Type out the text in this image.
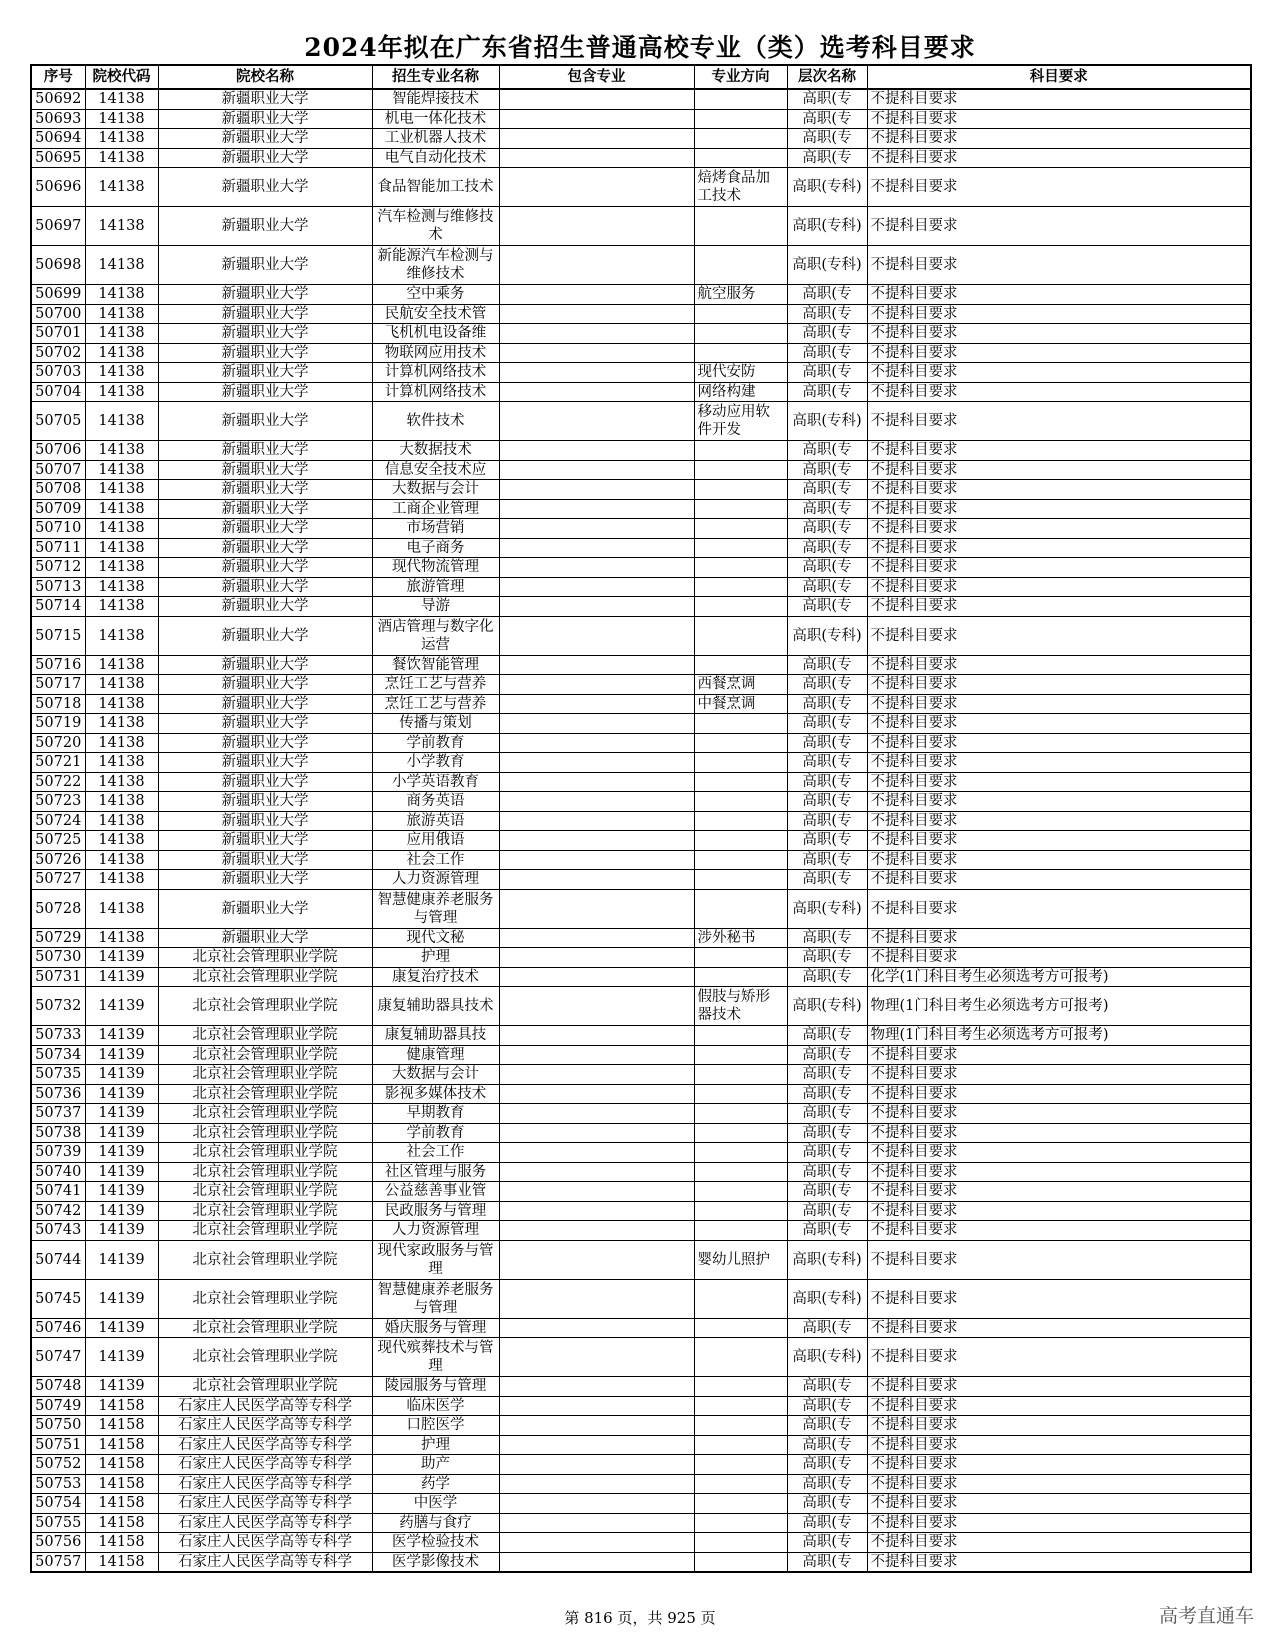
2024年拟在广东省招生普通高校专业（类）选考科目要求
序号	院校代码	院校名称	招生专业名称	包含专业	专业方向	层次名称	科目要求
50692	14138	新疆职业大学	智能焊接技术			高职(专	不提科目要求
50693	14138	新疆职业大学	机电一体化技术			高职(专	不提科目要求
50694	14138	新疆职业大学	工业机器人技术			高职(专	不提科目要求
50695	14138	新疆职业大学	电气自动化技术			高职(专	不提科目要求
50696	14138	新疆职业大学	食品智能加工技术		焙烤食品加工技术	高职(专科)	不提科目要求
50697	14138	新疆职业大学	汽车检测与维修技术			高职(专科)	不提科目要求
50698	14138	新疆职业大学	新能源汽车检测与维修技术			高职(专科)	不提科目要求
50699	14138	新疆职业大学	空中乘务		航空服务	高职(专	不提科目要求
50700	14138	新疆职业大学	民航安全技术管			高职(专	不提科目要求
50701	14138	新疆职业大学	飞机机电设备维			高职(专	不提科目要求
50702	14138	新疆职业大学	物联网应用技术			高职(专	不提科目要求
50703	14138	新疆职业大学	计算机网络技术		现代安防	高职(专	不提科目要求
50704	14138	新疆职业大学	计算机网络技术		网络构建	高职(专	不提科目要求
50705	14138	新疆职业大学	软件技术		移动应用软件开发	高职(专科)	不提科目要求
50706	14138	新疆职业大学	大数据技术			高职(专	不提科目要求
50707	14138	新疆职业大学	信息安全技术应			高职(专	不提科目要求
50708	14138	新疆职业大学	大数据与会计			高职(专	不提科目要求
50709	14138	新疆职业大学	工商企业管理			高职(专	不提科目要求
50710	14138	新疆职业大学	市场营销			高职(专	不提科目要求
50711	14138	新疆职业大学	电子商务			高职(专	不提科目要求
50712	14138	新疆职业大学	现代物流管理			高职(专	不提科目要求
50713	14138	新疆职业大学	旅游管理			高职(专	不提科目要求
50714	14138	新疆职业大学	导游			高职(专	不提科目要求
50715	14138	新疆职业大学	酒店管理与数字化运营			高职(专科)	不提科目要求
50716	14138	新疆职业大学	餐饮智能管理			高职(专	不提科目要求
50717	14138	新疆职业大学	烹饪工艺与营养		西餐烹调	高职(专	不提科目要求
50718	14138	新疆职业大学	烹饪工艺与营养		中餐烹调	高职(专	不提科目要求
50719	14138	新疆职业大学	传播与策划			高职(专	不提科目要求
50720	14138	新疆职业大学	学前教育			高职(专	不提科目要求
50721	14138	新疆职业大学	小学教育			高职(专	不提科目要求
50722	14138	新疆职业大学	小学英语教育			高职(专	不提科目要求
50723	14138	新疆职业大学	商务英语			高职(专	不提科目要求
50724	14138	新疆职业大学	旅游英语			高职(专	不提科目要求
50725	14138	新疆职业大学	应用俄语			高职(专	不提科目要求
50726	14138	新疆职业大学	社会工作			高职(专	不提科目要求
50727	14138	新疆职业大学	人力资源管理			高职(专	不提科目要求
50728	14138	新疆职业大学	智慧健康养老服务与管理			高职(专科)	不提科目要求
50729	14138	新疆职业大学	现代文秘		涉外秘书	高职(专	不提科目要求
50730	14139	北京社会管理职业学院	护理			高职(专	不提科目要求
50731	14139	北京社会管理职业学院	康复治疗技术			高职(专	化学(1门科目考生必须选考方可报考)
50732	14139	北京社会管理职业学院	康复辅助器具技术		假肢与矫形器技术	高职(专科)	物理(1门科目考生必须选考方可报考)
50733	14139	北京社会管理职业学院	康复辅助器具技			高职(专	物理(1门科目考生必须选考方可报考)
50734	14139	北京社会管理职业学院	健康管理			高职(专	不提科目要求
50735	14139	北京社会管理职业学院	大数据与会计			高职(专	不提科目要求
50736	14139	北京社会管理职业学院	影视多媒体技术			高职(专	不提科目要求
50737	14139	北京社会管理职业学院	早期教育			高职(专	不提科目要求
50738	14139	北京社会管理职业学院	学前教育			高职(专	不提科目要求
50739	14139	北京社会管理职业学院	社会工作			高职(专	不提科目要求
50740	14139	北京社会管理职业学院	社区管理与服务			高职(专	不提科目要求
50741	14139	北京社会管理职业学院	公益慈善事业管			高职(专	不提科目要求
50742	14139	北京社会管理职业学院	民政服务与管理			高职(专	不提科目要求
50743	14139	北京社会管理职业学院	人力资源管理			高职(专	不提科目要求
50744	14139	北京社会管理职业学院	现代家政服务与管理		婴幼儿照护	高职(专科)	不提科目要求
50745	14139	北京社会管理职业学院	智慧健康养老服务与管理			高职(专科)	不提科目要求
50746	14139	北京社会管理职业学院	婚庆服务与管理			高职(专	不提科目要求
50747	14139	北京社会管理职业学院	现代殡葬技术与管理			高职(专科)	不提科目要求
50748	14139	北京社会管理职业学院	陵园服务与管理			高职(专	不提科目要求
50749	14158	石家庄人民医学高等专科学	临床医学			高职(专	不提科目要求
50750	14158	石家庄人民医学高等专科学	口腔医学			高职(专	不提科目要求
50751	14158	石家庄人民医学高等专科学	护理			高职(专	不提科目要求
50752	14158	石家庄人民医学高等专科学	助产			高职(专	不提科目要求
50753	14158	石家庄人民医学高等专科学	药学			高职(专	不提科目要求
50754	14158	石家庄人民医学高等专科学	中医学			高职(专	不提科目要求
50755	14158	石家庄人民医学高等专科学	药膳与食疗			高职(专	不提科目要求
50756	14158	石家庄人民医学高等专科学	医学检验技术			高职(专	不提科目要求
50757	14158	石家庄人民医学高等专科学	医学影像技术			高职(专	不提科目要求
第 816 页，共 925 页	高考直通车
